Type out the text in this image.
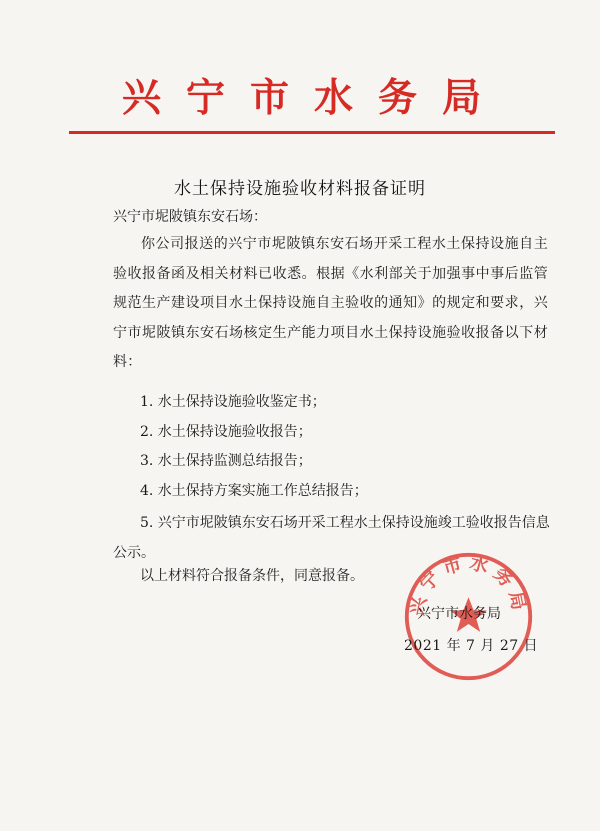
兴宁市水务局
水土保持设施验收材料报备证明
兴宁市坭陂镇东安石场：
你公司报送的兴宁市坭陂镇东安石场开采工程水土保持设施自主验收报备函及相关材料已收悉。根据《水利部关于加强事中事后监管规范生产建设项目水土保持设施自主验收的通知》的规定和要求，兴宁市坭陂镇东安石场核定生产能力项目水土保持设施验收报备以下材料：
1. 水土保持设施验收鉴定书；
2. 水土保持设施验收报告；
3. 水土保持监测总结报告；
4. 水土保持方案实施工作总结报告；
5. 兴宁市坭陂镇东安石场开采工程水土保持设施竣工验收报告信息公示。
以上材料符合报备条件，同意报备。
兴宁市水务局
兴宁市水务局
2021 年 7 月 27 日
